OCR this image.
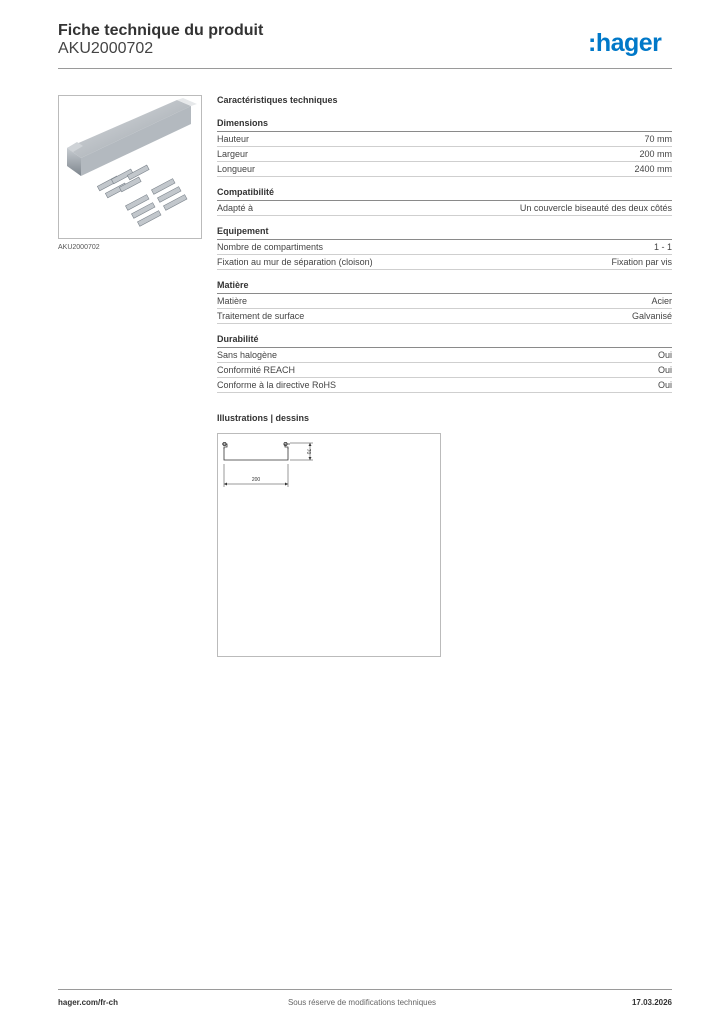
Fiche technique du produit
AKU2000702	:hager
AKU2000702
Caractéristiques techniques
Dimensions
Hauteur	70 mm
Largeur	200 mm
Longueur	2400 mm
Compatibilité
Adapté à	Un couvercle biseauté des deux côtés
Equipement
Nombre de compartiments	1 - 1
Fixation au mur de séparation (cloison)	Fixation par vis
Matière
Matière	Acier
Traitement de surface	Galvanisé
Durabilité
Sans halogène	Oui
Conformité REACH	Oui
Conforme à la directive RoHS	Oui
Illustrations | dessins
200
70
hager.com/fr-ch	Sous réserve de modifications techniques	17.03.2026
